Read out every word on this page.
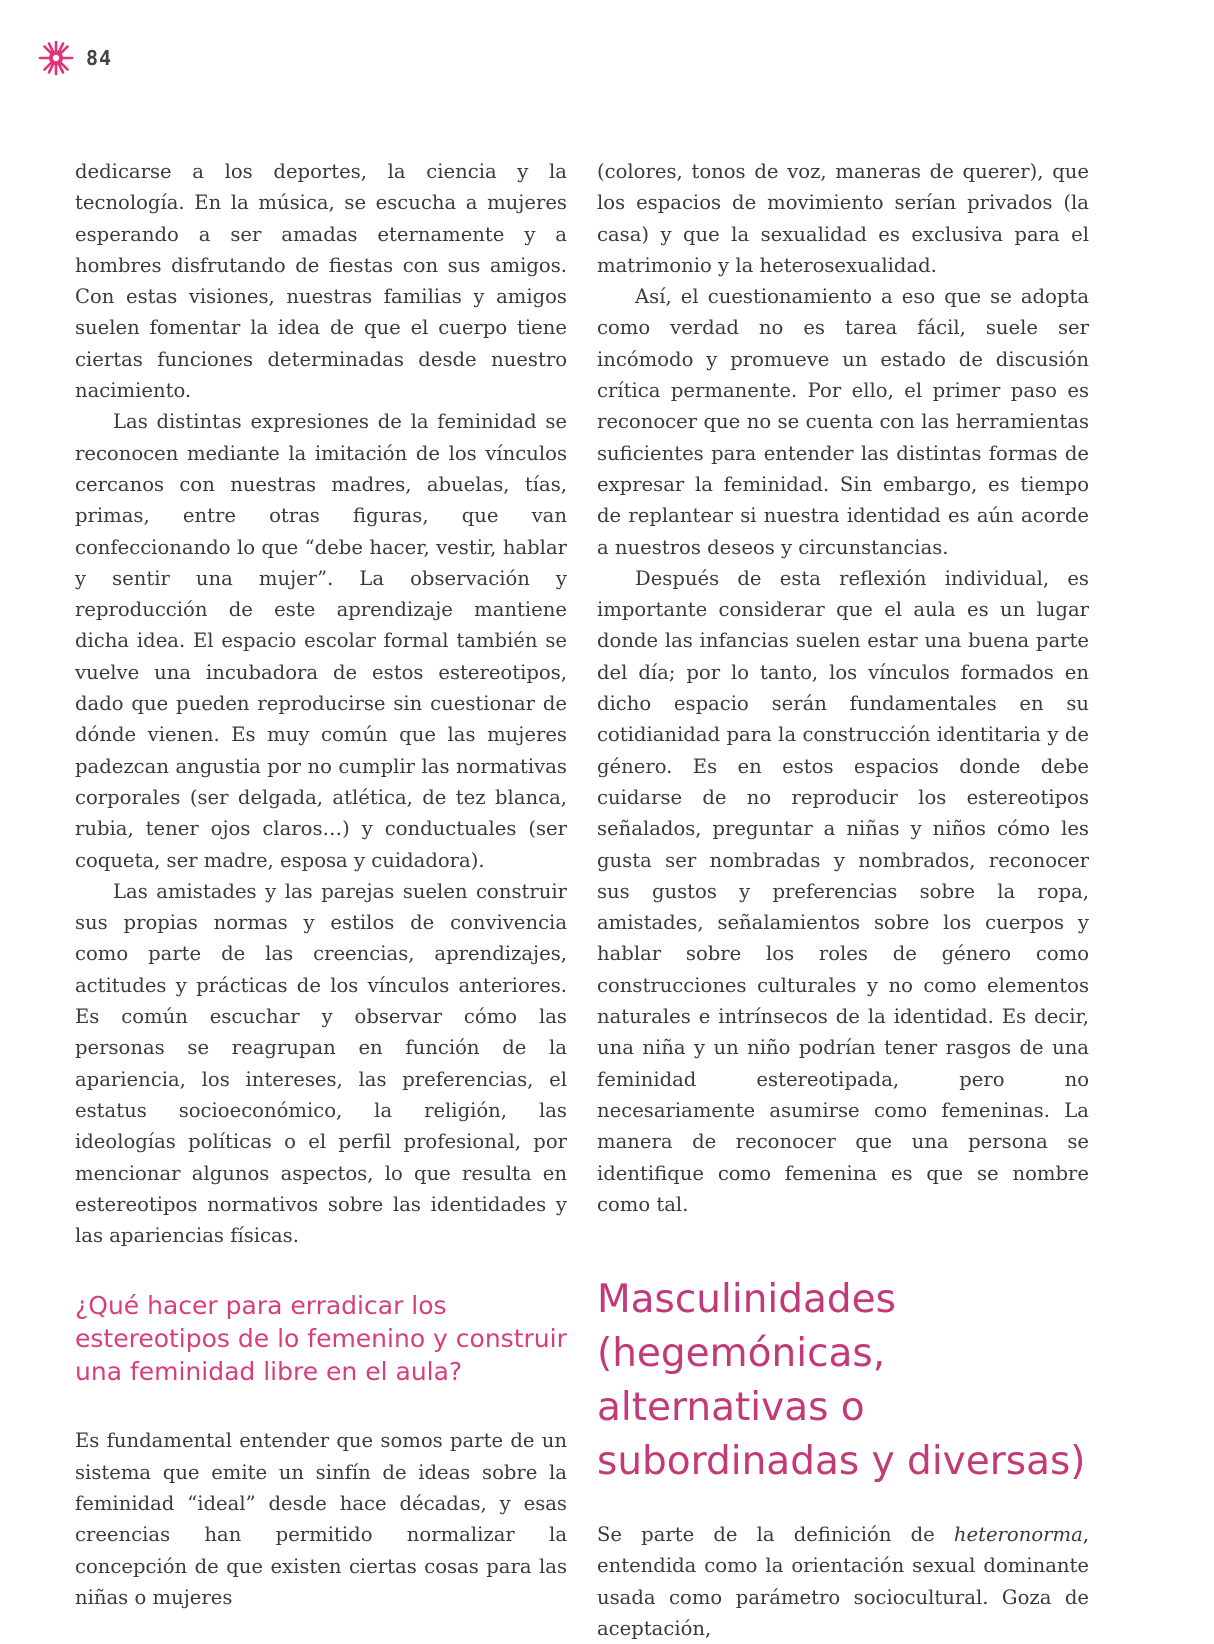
84

dedicarse a los deportes, la ciencia y la tecnología. En la música, se escucha a mujeres esperando a ser amadas eternamente y a hombres disfrutando de fiestas con sus amigos. Con estas visiones, nuestras familias y amigos suelen fomentar la idea de que el cuerpo tiene ciertas funciones determinadas desde nuestro nacimiento.

Las distintas expresiones de la feminidad se reconocen mediante la imitación de los vínculos cercanos con nuestras madres, abuelas, tías, primas, entre otras figuras, que van confeccionando lo que “debe hacer, vestir, hablar y sentir una mujer”. La observación y reproducción de este aprendizaje mantiene dicha idea. El espacio escolar formal también se vuelve una incubadora de estos estereotipos, dado que pueden reproducirse sin cuestionar de dónde vienen. Es muy común que las mujeres padezcan angustia por no cumplir las normativas corporales (ser delgada, atlética, de tez blanca, rubia, tener ojos claros…) y conductuales (ser coqueta, ser madre, esposa y cuidadora).

Las amistades y las parejas suelen construir sus propias normas y estilos de convivencia como parte de las creencias, aprendizajes, actitudes y prácticas de los vínculos anteriores. Es común escuchar y observar cómo las personas se reagrupan en función de la apariencia, los intereses, las preferencias, el estatus socioeconómico, la religión, las ideologías políticas o el perfil profesional, por mencionar algunos aspectos, lo que resulta en estereotipos normativos sobre las identidades y las apariencias físicas.

¿Qué hacer para erradicar los estereotipos de lo femenino y construir una feminidad libre en el aula?

Es fundamental entender que somos parte de un sistema que emite un sinfín de ideas sobre la feminidad “ideal” desde hace décadas, y esas creencias han permitido normalizar la concepción de que existen ciertas cosas para las niñas o mujeres

(colores, tonos de voz, maneras de querer), que los espacios de movimiento serían privados (la casa) y que la sexualidad es exclusiva para el matrimonio y la heterosexualidad.

Así, el cuestionamiento a eso que se adopta como verdad no es tarea fácil, suele ser incómodo y promueve un estado de discusión crítica permanente. Por ello, el primer paso es reconocer que no se cuenta con las herramientas suficientes para entender las distintas formas de expresar la feminidad. Sin embargo, es tiempo de replantear si nuestra identidad es aún acorde a nuestros deseos y circunstancias.

Después de esta reflexión individual, es importante considerar que el aula es un lugar donde las infancias suelen estar una buena parte del día; por lo tanto, los vínculos formados en dicho espacio serán fundamentales en su cotidianidad para la construcción identitaria y de género. Es en estos espacios donde debe cuidarse de no reproducir los estereotipos señalados, preguntar a niñas y niños cómo les gusta ser nombradas y nombrados, reconocer sus gustos y preferencias sobre la ropa, amistades, señalamientos sobre los cuerpos y hablar sobre los roles de género como construcciones culturales y no como elementos naturales e intrínsecos de la identidad. Es decir, una niña y un niño podrían tener rasgos de una feminidad estereotipada, pero no necesariamente asumirse como femeninas. La manera de reconocer que una persona se identifique como femenina es que se nombre como tal.

Masculinidades (hegemónicas, alternativas o subordinadas y diversas)

Se parte de la definición de heteronorma, entendida como la orientación sexual dominante usada como parámetro sociocultural. Goza de aceptación,
